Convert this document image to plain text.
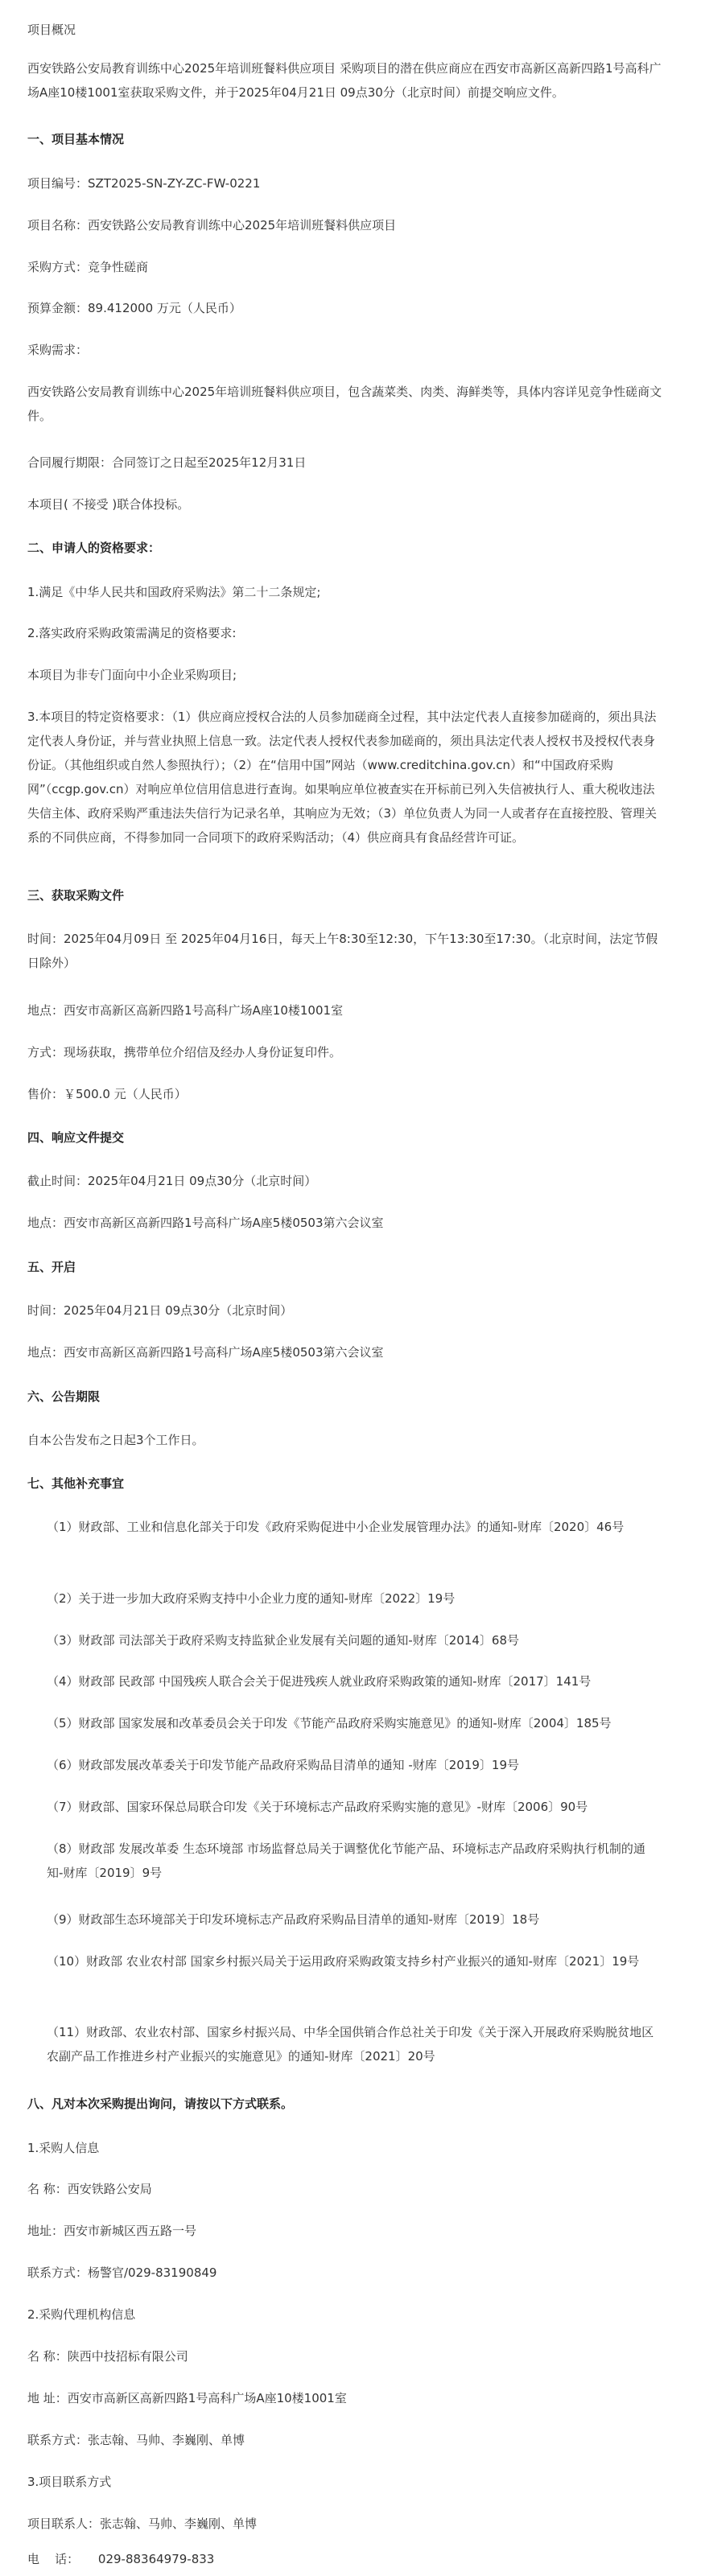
项目概况

西安铁路公安局教育训练中心2025年培训班餐料供应项目 采购项目的潜在供应商应在西安市高新区高新四路1号高科广场A座10楼1001室获取采购文件，并于2025年04月21日 09点30分（北京时间）前提交响应文件。

一、项目基本情况

项目编号：SZT2025-SN-ZY-ZC-FW-0221

项目名称：西安铁路公安局教育训练中心2025年培训班餐料供应项目

采购方式：竞争性磋商

预算金额：89.412000 万元（人民币）

采购需求：

西安铁路公安局教育训练中心2025年培训班餐料供应项目，包含蔬菜类、肉类、海鲜类等，具体内容详见竞争性磋商文件。

合同履行期限：合同签订之日起至2025年12月31日

本项目( 不接受 )联合体投标。

二、申请人的资格要求：

1.满足《中华人民共和国政府采购法》第二十二条规定;

2.落实政府采购政策需满足的资格要求:

本项目为非专门面向中小企业采购项目;

3.本项目的特定资格要求：（1）供应商应授权合法的人员参加磋商全过程，其中法定代表人直接参加磋商的，须出具法定代表人身份证，并与营业执照上信息一致。法定代表人授权代表参加磋商的，须出具法定代表人授权书及授权代表身份证。（其他组织或自然人参照执行）；（2）在“信用中国”网站（www.creditchina.gov.cn）和“中国政府采购网”（ccgp.gov.cn）对响应单位信用信息进行查询。如果响应单位被查实在开标前已列入失信被执行人、重大税收违法失信主体、政府采购严重违法失信行为记录名单，其响应为无效；（3）单位负责人为同一人或者存在直接控股、管理关系的不同供应商，不得参加同一合同项下的政府采购活动；（4）供应商具有食品经营许可证。

三、获取采购文件

时间：2025年04月09日 至 2025年04月16日，每天上午8:30至12:30，下午13:30至17:30。（北京时间，法定节假日除外）

地点：西安市高新区高新四路1号高科广场A座10楼1001室

方式：现场获取，携带单位介绍信及经办人身份证复印件。

售价：￥500.0 元（人民币）

四、响应文件提交

截止时间：2025年04月21日 09点30分（北京时间）

地点：西安市高新区高新四路1号高科广场A座5楼0503第六会议室

五、开启

时间：2025年04月21日 09点30分（北京时间）

地点：西安市高新区高新四路1号高科广场A座5楼0503第六会议室

六、公告期限

自本公告发布之日起3个工作日。

七、其他补充事宜

（1）财政部、工业和信息化部关于印发《政府采购促进中小企业发展管理办法》的通知-财库〔2020〕46号

（2）关于进一步加大政府采购支持中小企业力度的通知-财库〔2022〕19号

（3）财政部 司法部关于政府采购支持监狱企业发展有关问题的通知-财库〔2014〕68号

（4）财政部 民政部 中国残疾人联合会关于促进残疾人就业政府采购政策的通知-财库〔2017〕141号

（5）财政部 国家发展和改革委员会关于印发《节能产品政府采购实施意见》的通知-财库〔2004〕185号

（6）财政部发展改革委关于印发节能产品政府采购品目清单的通知 -财库〔2019〕19号

（7）财政部、国家环保总局联合印发《关于环境标志产品政府采购实施的意见》-财库〔2006〕90号

（8）财政部 发展改革委 生态环境部 市场监督总局关于调整优化节能产品、环境标志产品政府采购执行机制的通知-财库〔2019〕9号

（9）财政部生态环境部关于印发环境标志产品政府采购品目清单的通知-财库〔2019〕18号

（10）财政部 农业农村部 国家乡村振兴局关于运用政府采购政策支持乡村产业振兴的通知-财库〔2021〕19号

（11）财政部、农业农村部、国家乡村振兴局、中华全国供销合作总社关于印发《关于深入开展政府采购脱贫地区农副产品工作推进乡村产业振兴的实施意见》的通知-财库〔2021〕20号

八、凡对本次采购提出询问，请按以下方式联系。

1.采购人信息

名 称：西安铁路公安局

地址：西安市新城区西五路一号

联系方式：杨警官/029-83190849

2.采购代理机构信息

名 称：陕西中技招标有限公司

地 址：西安市高新区高新四路1号高科广场A座10楼1001室

联系方式：张志翰、马帅、李巍刚、单博

3.项目联系方式

项目联系人：张志翰、马帅、李巍刚、单博

电    话：     029-88364979-833
